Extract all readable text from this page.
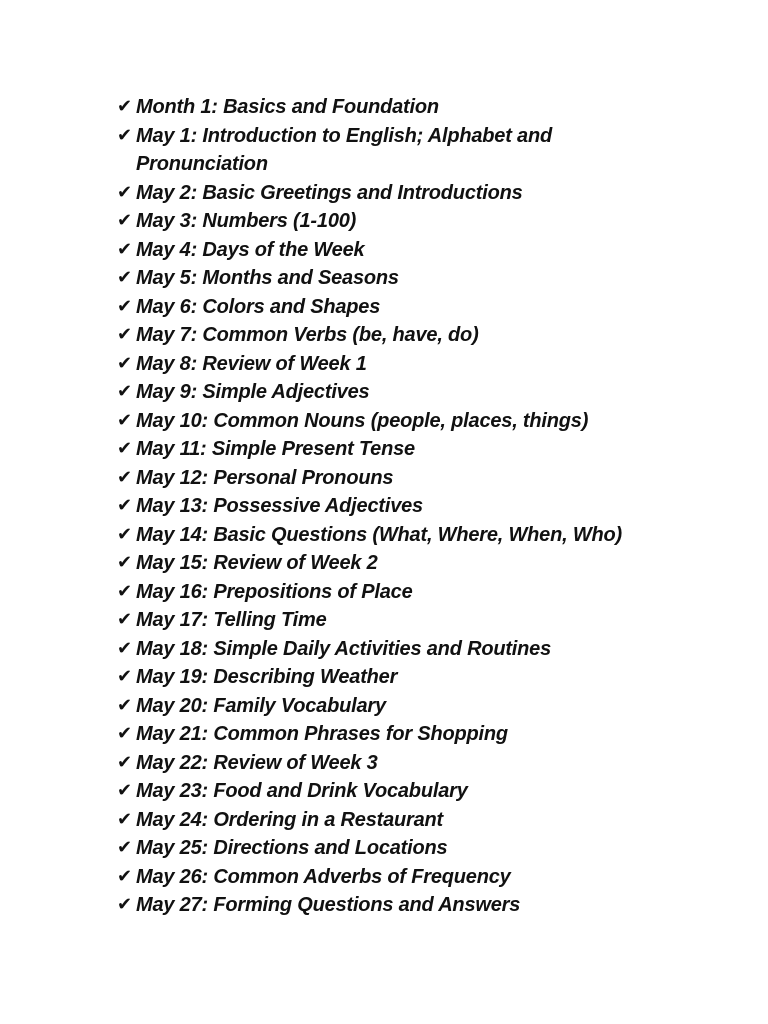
✔ Month 1: Basics and Foundation
✔ May 1: Introduction to English; Alphabet and Pronunciation
✔ May 2: Basic Greetings and Introductions
✔ May 3: Numbers (1-100)
✔ May 4: Days of the Week
✔ May 5: Months and Seasons
✔ May 6: Colors and Shapes
✔ May 7: Common Verbs (be, have, do)
✔ May 8: Review of Week 1
✔ May 9: Simple Adjectives
✔ May 10: Common Nouns (people, places, things)
✔ May 11: Simple Present Tense
✔ May 12: Personal Pronouns
✔ May 13: Possessive Adjectives
✔ May 14: Basic Questions (What, Where, When, Who)
✔ May 15: Review of Week 2
✔ May 16: Prepositions of Place
✔ May 17: Telling Time
✔ May 18: Simple Daily Activities and Routines
✔ May 19: Describing Weather
✔ May 20: Family Vocabulary
✔ May 21: Common Phrases for Shopping
✔ May 22: Review of Week 3
✔ May 23: Food and Drink Vocabulary
✔ May 24: Ordering in a Restaurant
✔ May 25: Directions and Locations
✔ May 26: Common Adverbs of Frequency
✔ May 27: Forming Questions and Answers
